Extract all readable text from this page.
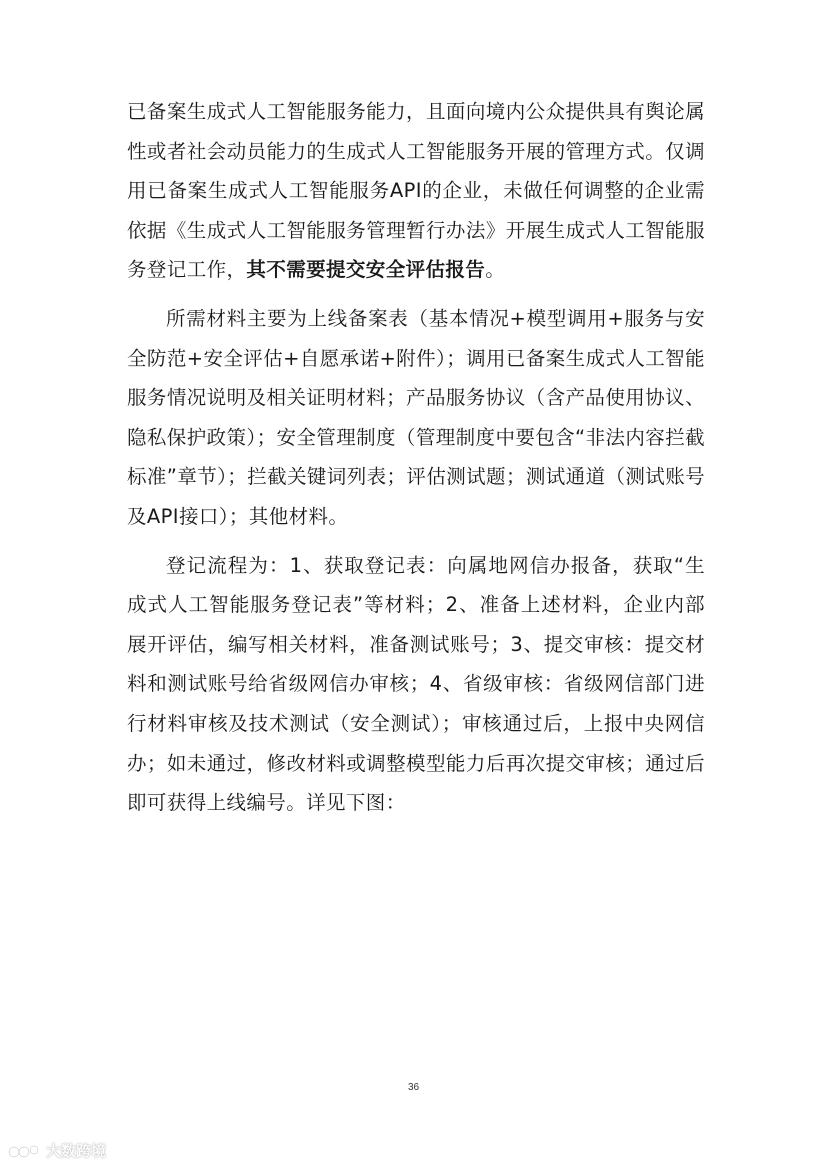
已备案生成式人工智能服务能力，且面向境内公众提供具有舆论属性或者社会动员能力的生成式人工智能服务开展的管理方式。仅调用已备案生成式人工智能服务API的企业，未做任何调整的企业需依据《生成式人工智能服务管理暂行办法》开展生成式人工智能服务登记工作，其不需要提交安全评估报告。

所需材料主要为上线备案表（基本情况+模型调用+服务与安全防范+安全评估+自愿承诺+附件）；调用已备案生成式人工智能服务情况说明及相关证明材料；产品服务协议（含产品使用协议、隐私保护政策）；安全管理制度（管理制度中要包含“非法内容拦截标准”章节）；拦截关键词列表；评估测试题；测试通道（测试账号及API接口）；其他材料。

登记流程为：1、获取登记表：向属地网信办报备，获取“生成式人工智能服务登记表”等材料；2、准备上述材料，企业内部展开评估，编写相关材料，准备测试账号；3、提交审核：提交材料和测试账号给省级网信办审核；4、省级审核：省级网信部门进行材料审核及技术测试（安全测试）；审核通过后，上报中央网信办；如未通过，修改材料或调整模型能力后再次提交审核；通过后即可获得上线编号。详见下图：

36
大数跨境
